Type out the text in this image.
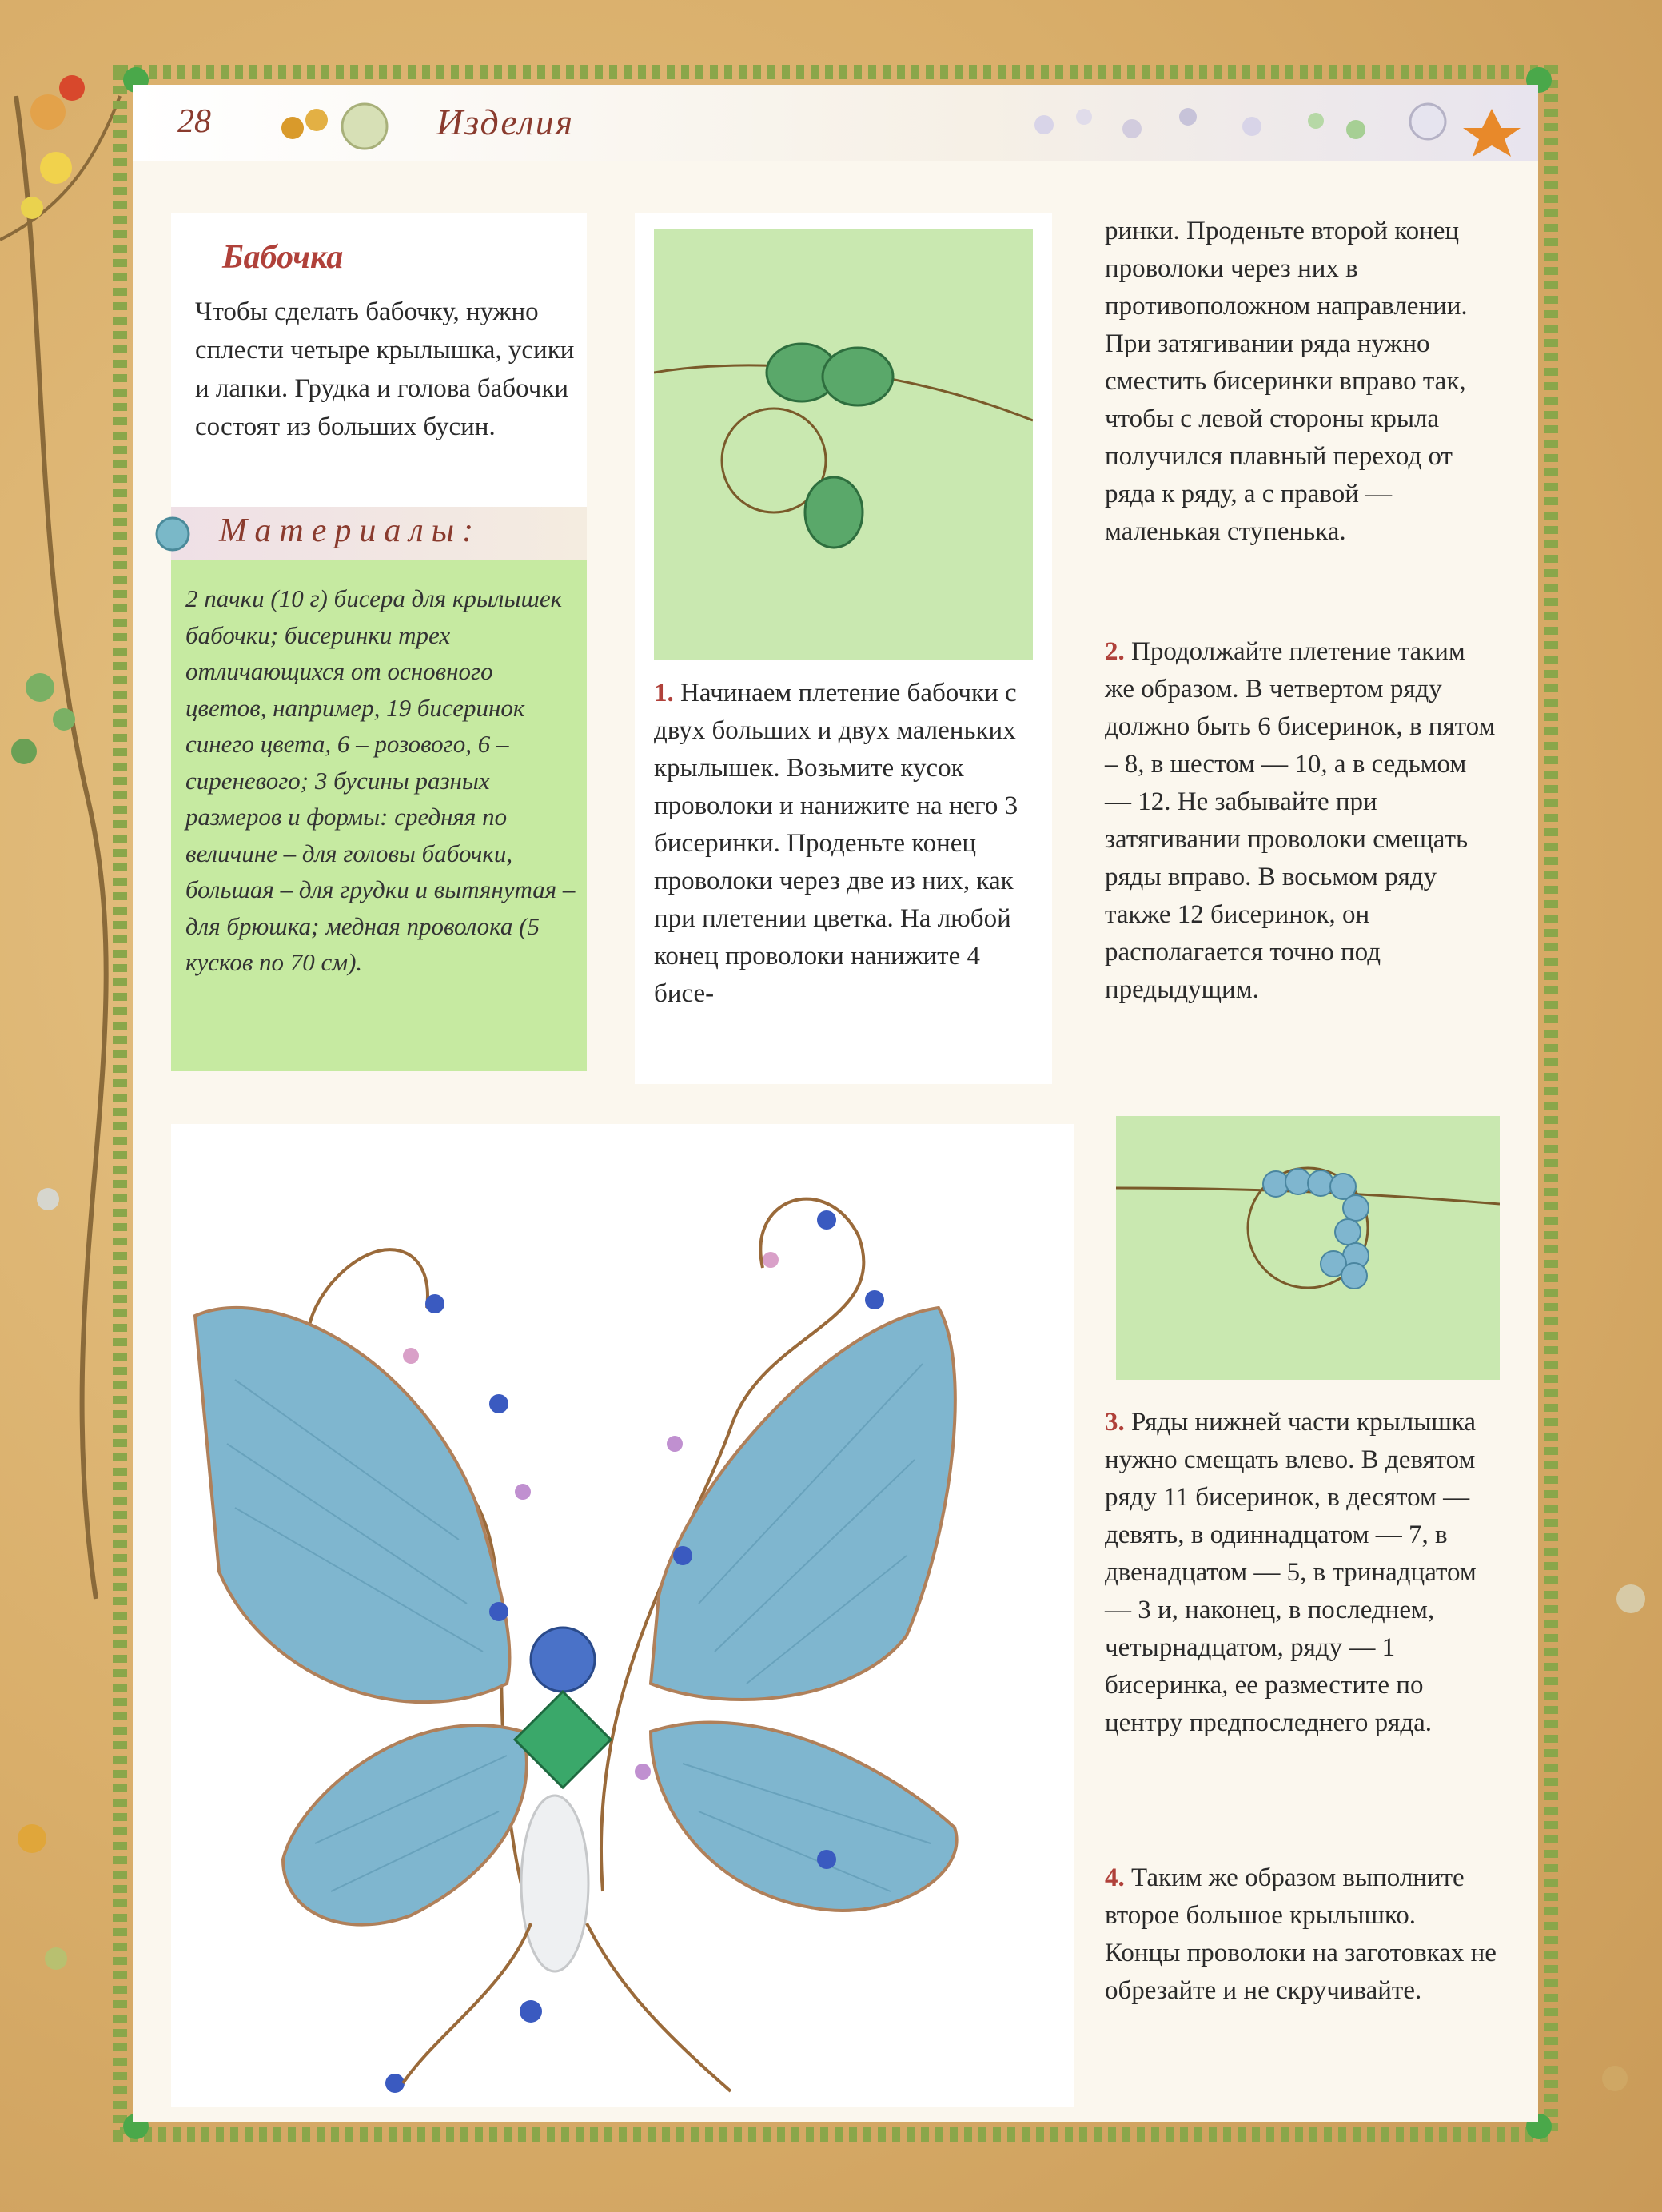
28	Изделия
Бабочка
Чтобы сделать бабочку, нужно сплести четыре крылышка, усики и лапки. Грудка и голова бабочки состоят из больших бусин.
Материалы:
2 пачки (10 г) бисера для крылышек бабочки; бисеринки трех отличающихся от основного цветов, например, 19 бисеринок синего цвета, 6 – розового, 6 – сиреневого; 3 бусины разных размеров и формы: средняя по величине – для головы бабочки, большая – для грудки и вытянутая – для брюшка; медная проволока (5 кусков по 70 см).
1. Начинаем плетение бабочки с двух больших и двух маленьких крылышек. Возьмите кусок проволоки и нанижите на него 3 бисеринки. Проденьте конец проволоки через две из них, как при плетении цветка. На любой конец проволоки нанижите 4 бисе-
ринки. Проденьте второй конец проволоки через них в противоположном направлении. При затягивании ряда нужно сместить бисеринки вправо так, чтобы с левой стороны крыла получился плавный переход от ряда к ряду, а с правой — маленькая ступенька.
2. Продолжайте плетение таким же образом. В четвертом ряду должно быть 6 бисеринок, в пятом – 8, в шестом — 10, а в седьмом — 12. Не забывайте при затягивании проволоки смещать ряды вправо. В восьмом ряду также 12 бисеринок, он располагается точно под предыдущим.
3. Ряды нижней части крылышка нужно смещать влево. В девятом ряду 11 бисеринок, в десятом — девять, в одиннадцатом — 7, в двенадцатом — 5, в тринадцатом — 3 и, наконец, в последнем, четырнадцатом, ряду — 1 бисеринка, ее разместите по центру предпоследнего ряда.
4. Таким же образом выполните второе большое крылышко. Концы проволоки на заготовках не обрезайте и не скручивайте.
